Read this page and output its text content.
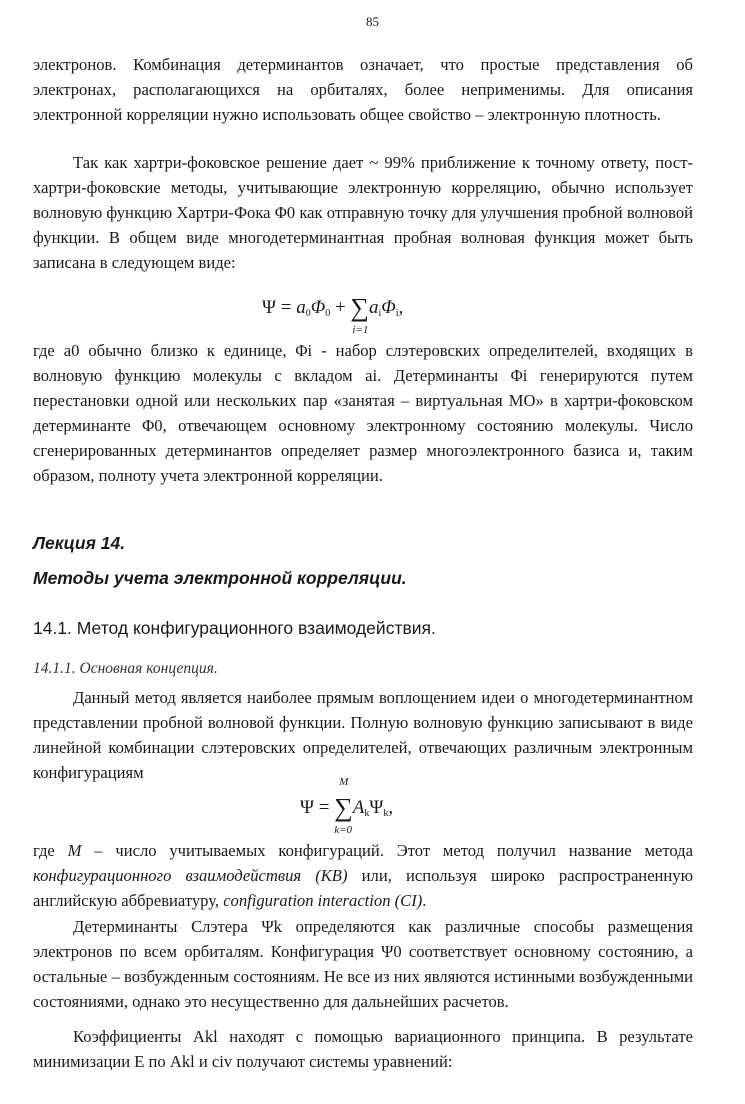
85

электронов. Комбинация детерминантов означает, что простые представления об электронах, располагающихся на орбиталях, более неприменимы. Для описания электронной корреляции нужно использовать общее свойство – электронную плотность.

Так как хартри-фоковское решение дает ~ 99% приближение к точному ответу, пост-хартри-фоковские методы, учитывающие электронную корреляцию, обычно использует волновую функцию Хартри-Фока Φ0 как отправную точку для улучшения пробной волновой функции. В общем виде многодетерминантная пробная волновая функция может быть записана в следующем виде:

$\Psi = a_0\Phi_0$ + ∑
i=1
$a_i\Phi_i$,

где a0 обычно близко к единице, Φi - набор слэтеровских определителей, входящих в волновую функцию молекулы с вкладом ai. Детерминанты Φi генерируются путем перестановки одной или нескольких пар «занятая – виртуальная МО» в хартри-фоковском детерминанте Φ0, отвечающем основному электронному состоянию молекулы. Число сгенерированных детерминантов определяет размер многоэлектронного базиса и, таким образом, полноту учета электронной корреляции.

Лекция 14.
Методы учета электронной корреляции.
14.1. Метод конфигурационного взаимодействия.
14.1.1. Основная концепция.

Данный метод является наиболее прямым воплощением идеи о многодетерминантном представлении пробной волновой функции. Полную волновую функцию записывают в виде линейной комбинации слэтеровских определителей, отвечающих различным электронным конфигурациям

Ψ =
M
∑
k=0
$A_k\Psi_k$,

где M – число учитываемых конфигураций. Этот метод получил название метода конфигурационного взаимодействия (КВ) или, используя широко распространенную английскую аббревиатуру, configuration interaction (CI).

Детерминанты Слэтера Ψk определяются как различные способы размещения электронов по всем орбиталям. Конфигурация Ψ0 соответствует основному состоянию, а остальные – возбужденным состояниям. Не все из них являются истинными возбужденными состояниями, однако это несущественно для дальнейших расчетов.

Коэффициенты Akl находят с помощью вариационного принципа. В результате минимизации E по Akl и civ получают системы уравнений:
